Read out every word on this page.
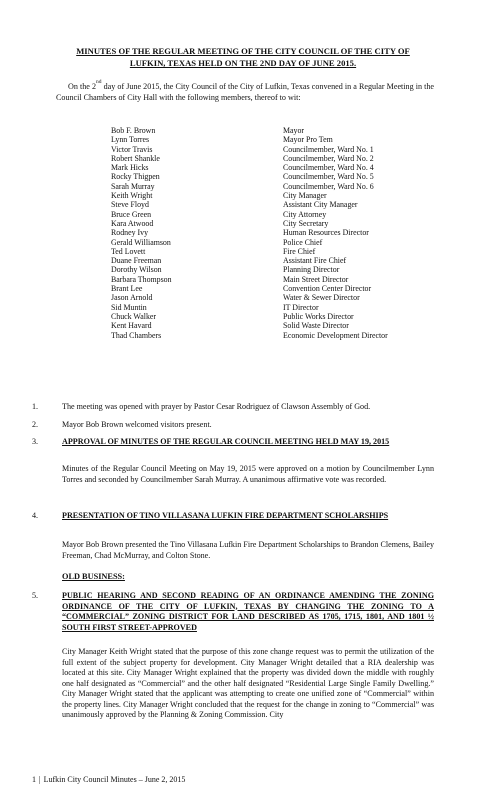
MINUTES OF THE REGULAR MEETING OF THE CITY COUNCIL OF THE CITY OF
LUFKIN, TEXAS HELD ON THE 2ND DAY OF JUNE 2015.
On the 2nd day of June 2015, the City Council of the City of Lufkin, Texas convened in a Regular Meeting in the Council Chambers of City Hall with the following members, thereof to wit:
Bob F. Brown	Mayor
Lynn Torres	Mayor Pro Tem
Victor Travis	Councilmember, Ward No. 1
Robert Shankle	Councilmember, Ward No. 2
Mark Hicks	Councilmember, Ward No. 4
Rocky Thigpen	Councilmember, Ward No. 5
Sarah Murray	Councilmember, Ward No. 6
Keith Wright	City Manager
Steve Floyd	Assistant City Manager
Bruce Green	City Attorney
Kara Atwood	City Secretary
Rodney Ivy	Human Resources Director
Gerald Williamson	Police Chief
Ted Lovett	Fire Chief
Duane Freeman	Assistant Fire Chief
Dorothy Wilson	Planning Director
Barbara Thompson	Main Street Director
Brant Lee	Convention Center Director
Jason Arnold	Water & Sewer Director
Sid Muntin	IT Director
Chuck Walker	Public Works Director
Kent Havard	Solid Waste Director
Thad Chambers	Economic Development Director
1.	The meeting was opened with prayer by Pastor Cesar Rodriguez of Clawson Assembly of God.
2.	Mayor Bob Brown welcomed visitors present.
3.	APPROVAL OF MINUTES OF THE REGULAR COUNCIL MEETING HELD MAY 19, 2015
Minutes of the Regular Council Meeting on May 19, 2015 were approved on a motion by Councilmember Lynn Torres and seconded by Councilmember Sarah Murray. A unanimous affirmative vote was recorded.
4.	PRESENTATION OF TINO VILLASANA LUFKIN FIRE DEPARTMENT SCHOLARSHIPS
Mayor Bob Brown presented the Tino Villasana Lufkin Fire Department Scholarships to Brandon Clemens, Bailey Freeman, Chad McMurray, and Colton Stone.
OLD BUSINESS:
5.	PUBLIC HEARING AND SECOND READING OF AN ORDINANCE AMENDING THE ZONING ORDINANCE OF THE CITY OF LUFKIN, TEXAS BY CHANGING THE ZONING TO A “COMMERCIAL” ZONING DISTRICT FOR LAND DESCRIBED AS 1705, 1715, 1801, AND 1801 ½ SOUTH FIRST STREET-APPROVED
City Manager Keith Wright stated that the purpose of this zone change request was to permit the utilization of the full extent of the subject property for development. City Manager Wright detailed that a RIA dealership was located at this site. City Manager Wright explained that the property was divided down the middle with roughly one half designated as “Commercial” and the other half designated “Residential Large Single Family Dwelling.” City Manager Wright stated that the applicant was attempting to create one unified zone of “Commercial” within the property lines. City Manager Wright concluded that the request for the change in zoning to “Commercial” was unanimously approved by the Planning & Zoning Commission. City
1 | Lufkin City Council Minutes – June 2, 2015
